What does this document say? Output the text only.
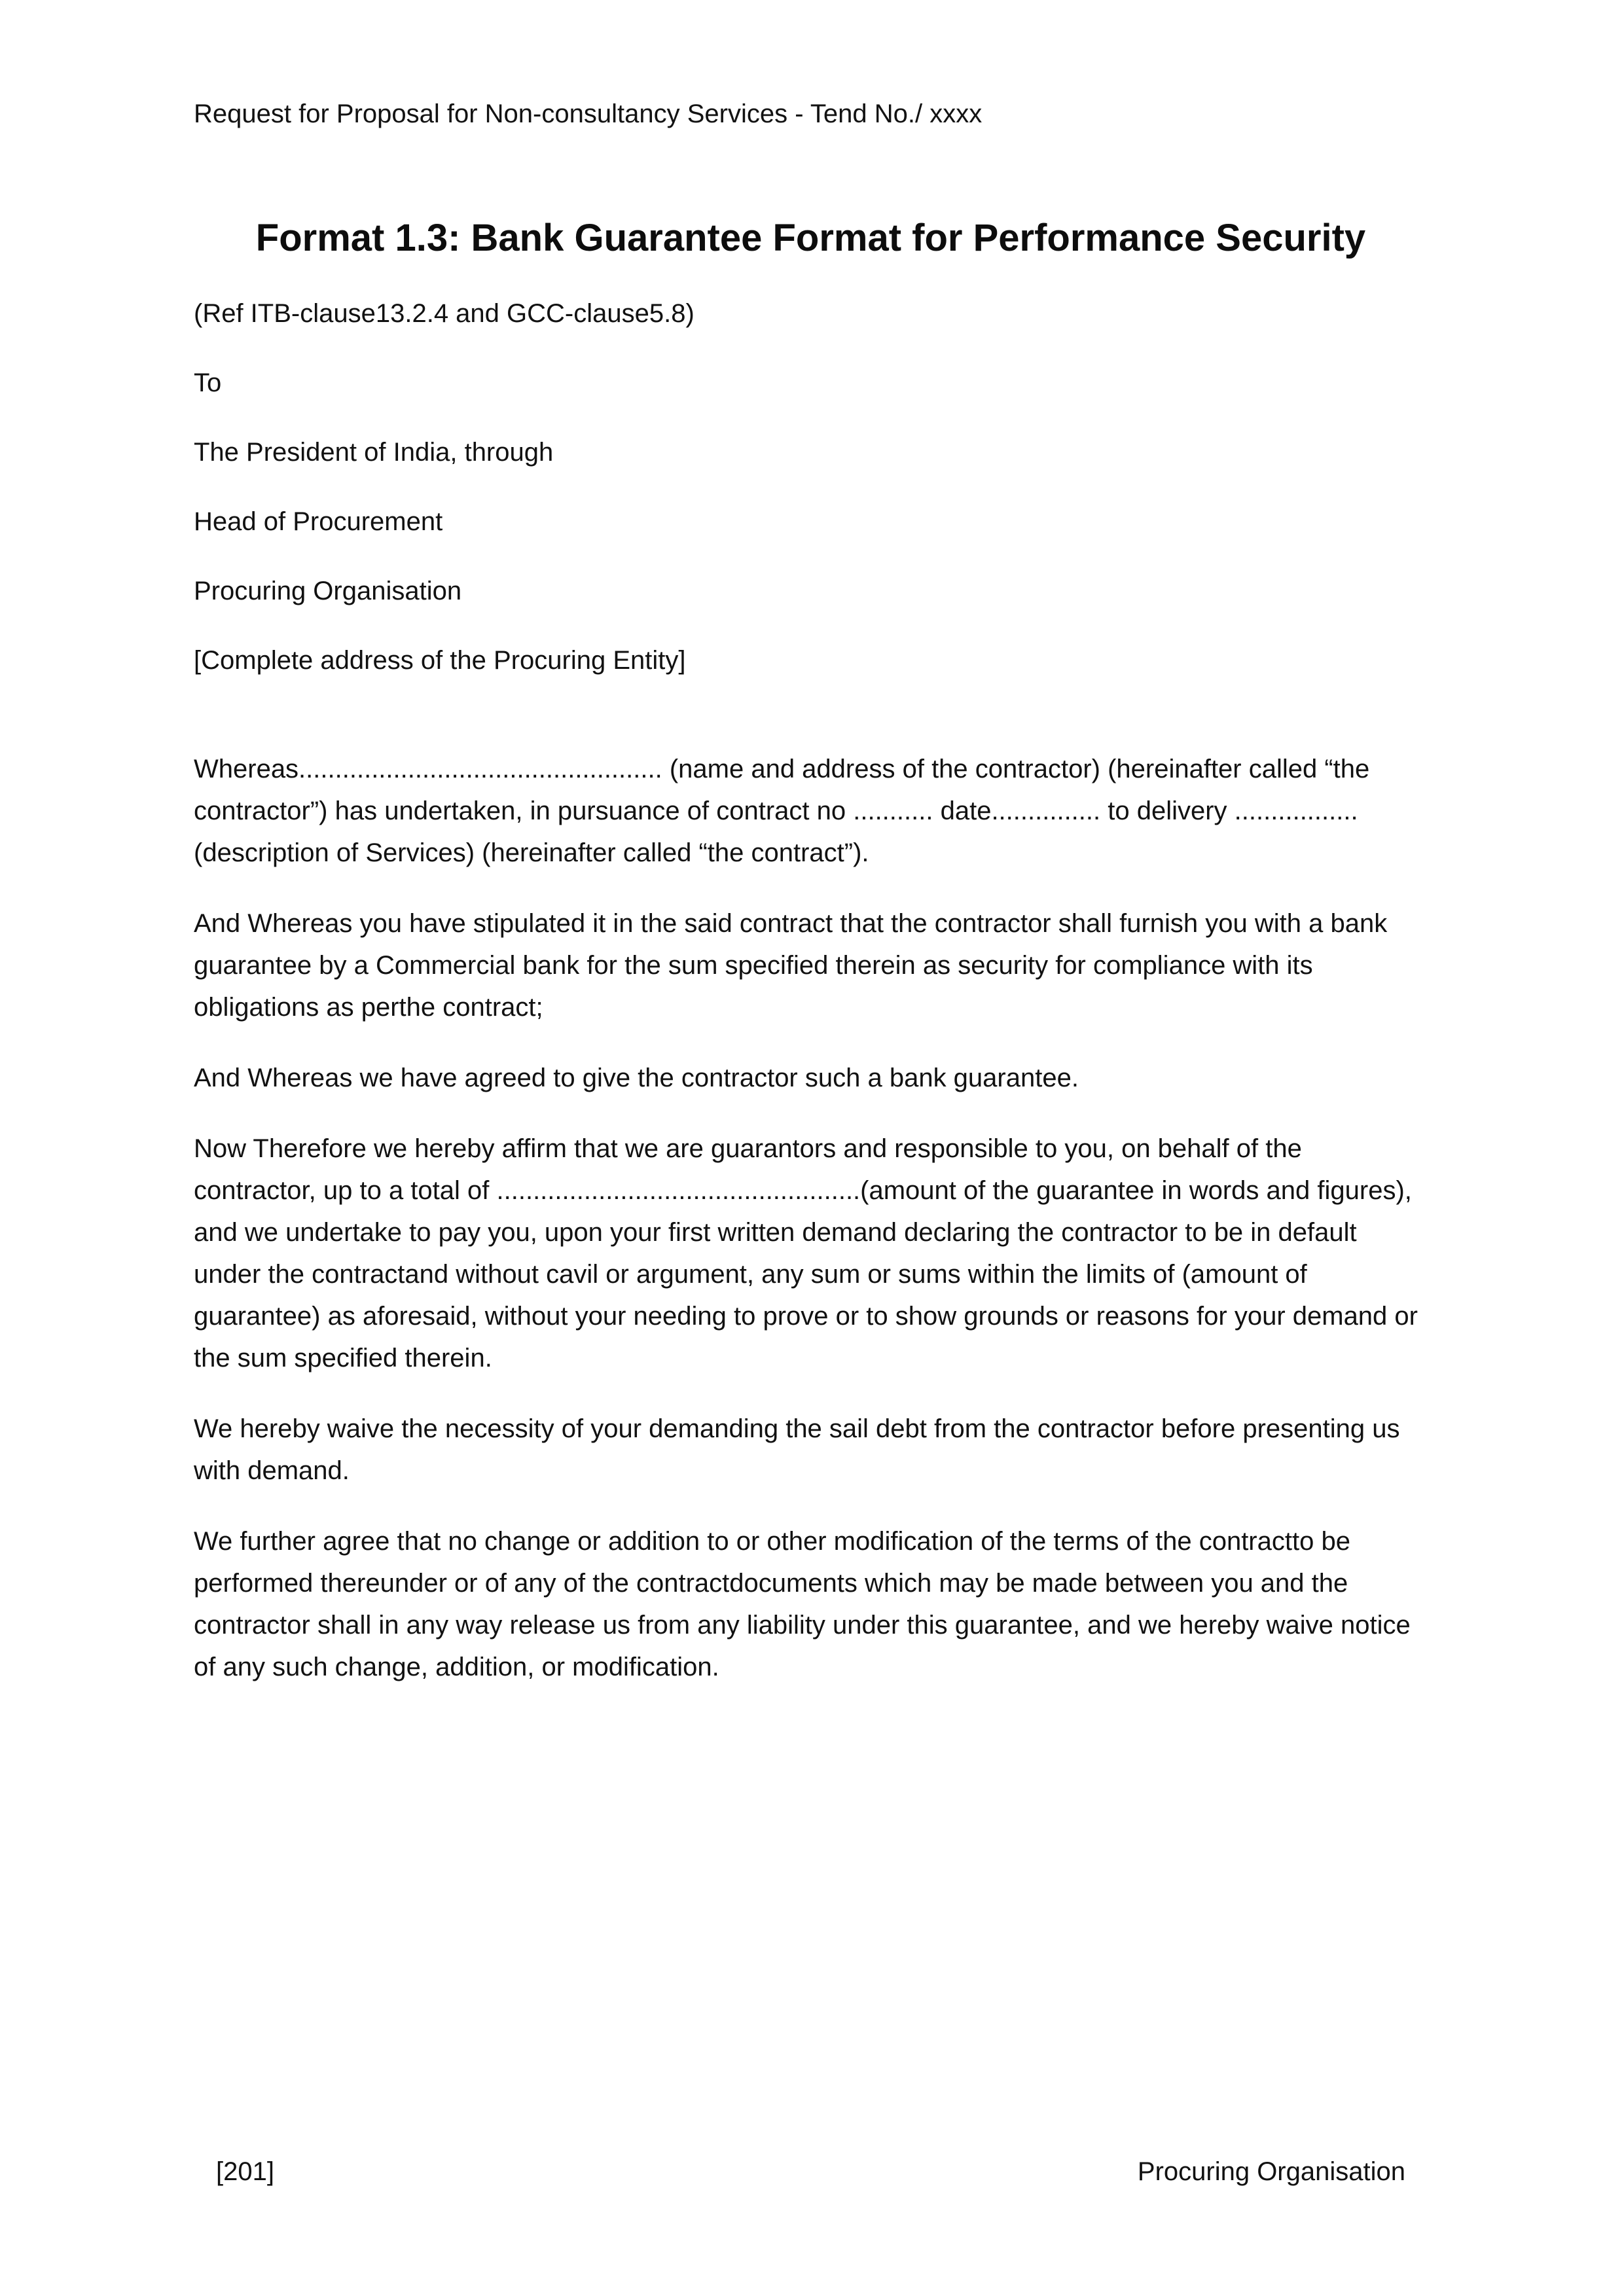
Request for Proposal for Non-consultancy Services - Tend No./ xxxx
Format 1.3: Bank Guarantee Format for Performance Security

(Ref ITB-clause13.2.4 and GCC-clause5.8)

To

The President of India, through

Head of Procurement

Procuring Organisation

[Complete address of the Procuring Entity]

Whereas.................................................. (name and address of the contractor) (hereinafter called “the contractor”) has undertaken, in pursuance of contract no ........... date............... to delivery ................. (description of Services) (hereinafter called “the contract”).

And Whereas you have stipulated it in the said contract that the contractor shall furnish you with a bank guarantee by a Commercial bank for the sum specified therein as security for compliance with its obligations as perthe contract;

And Whereas we have agreed to give the contractor such a bank guarantee.

Now Therefore we hereby affirm that we are guarantors and responsible to you, on behalf of the contractor, up to a total of ..................................................(amount of the guarantee in words and figures), and we undertake to pay you, upon your first written demand declaring the contractor to be in default under the contractand without cavil or argument, any sum or sums within the limits of (amount of guarantee) as aforesaid, without your needing to prove or to show grounds or reasons for your demand or the sum specified therein.

We hereby waive the necessity of your demanding the sail debt from the contractor before presenting us with demand.

We further agree that no change or addition to or other modification of the terms of the contractto be performed thereunder or of any of the contractdocuments which may be made between you and the contractor shall in any way release us from any liability under this guarantee, and we hereby waive notice of any such change, addition, or modification.

[201]	Procuring Organisation
